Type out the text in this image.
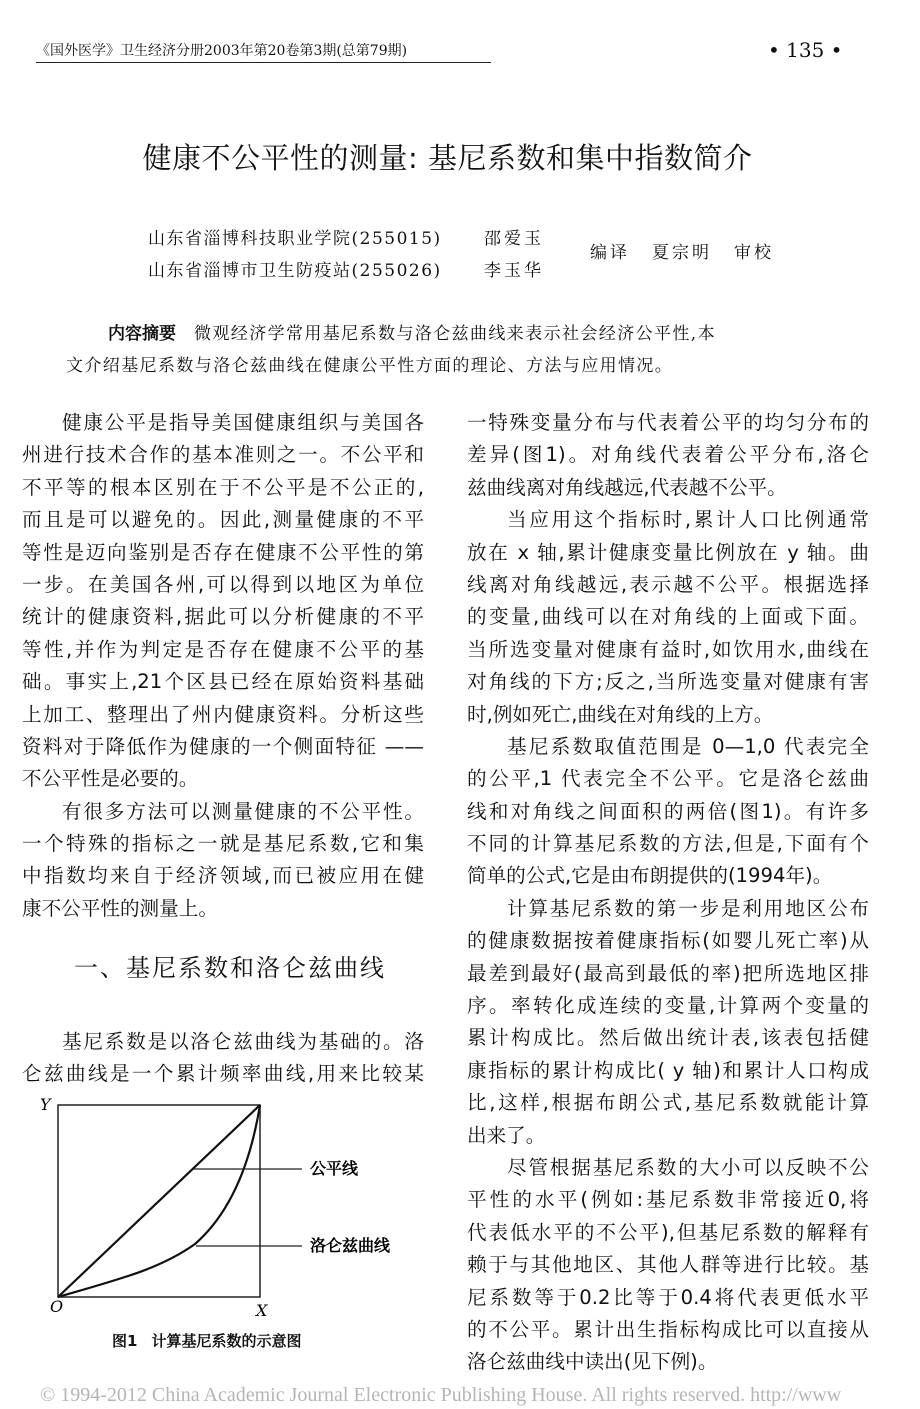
《国外医学》卫生经济分册2003年第20卷第3期(总第79期)	• 135 •
健康不公平性的测量: 基尼系数和集中指数简介
山东省淄博科技职业学院(255015) 邵爱玉
山东省淄博市卫生防疫站(255026) 李玉华
编译 夏宗明 审校
内容摘要 微观经济学常用基尼系数与洛仑兹曲线来表示社会经济公平性,本
文介绍基尼系数与洛仑兹曲线在健康公平性方面的理论、方法与应用情况。
健康公平是指导美国健康组织与美国各
州进行技术合作的基本准则之一。不公平和
不平等的根本区别在于不公平是不公正的,
而且是可以避免的。因此,测量健康的不平
等性是迈向鉴别是否存在健康不公平性的第
一步。在美国各州,可以得到以地区为单位
统计的健康资料,据此可以分析健康的不平
等性,并作为判定是否存在健康不公平的基
础。事实上,21个区县已经在原始资料基础
上加工、整理出了州内健康资料。分析这些
资料对于降低作为健康的一个侧面特征 ——
不公平性是必要的。
有很多方法可以测量健康的不公平性。
一个特殊的指标之一就是基尼系数,它和集
中指数均来自于经济领域,而已被应用在健
康不公平性的测量上。
一、基尼系数和洛仑兹曲线
基尼系数是以洛仑兹曲线为基础的。洛
仑兹曲线是一个累计频率曲线,用来比较某
Y
O	X
公平线
洛仑兹曲线
图1 计算基尼系数的示意图
一特殊变量分布与代表着公平的均匀分布的
差异(图1)。对角线代表着公平分布,洛仑
兹曲线离对角线越远,代表越不公平。
当应用这个指标时,累计人口比例通常
放在 x 轴,累计健康变量比例放在 y 轴。曲
线离对角线越远,表示越不公平。根据选择
的变量,曲线可以在对角线的上面或下面。
当所选变量对健康有益时,如饮用水,曲线在
对角线的下方;反之,当所选变量对健康有害
时,例如死亡,曲线在对角线的上方。
基尼系数取值范围是 0—1,0 代表完全
的公平,1 代表完全不公平。它是洛仑兹曲
线和对角线之间面积的两倍(图1)。有许多
不同的计算基尼系数的方法,但是,下面有个
简单的公式,它是由布朗提供的(1994年)。
计算基尼系数的第一步是利用地区公布
的健康数据按着健康指标(如婴儿死亡率)从
最差到最好(最高到最低的率)把所选地区排
序。率转化成连续的变量,计算两个变量的
累计构成比。然后做出统计表,该表包括健
康指标的累计构成比( y 轴)和累计人口构成
比,这样,根据布朗公式,基尼系数就能计算
出来了。
尽管根据基尼系数的大小可以反映不公
平性的水平(例如:基尼系数非常接近0,将
代表低水平的不公平),但基尼系数的解释有
赖于与其他地区、其他人群等进行比较。基
尼系数等于0.2比等于0.4将代表更低水平
的不公平。累计出生指标构成比可以直接从
洛仑兹曲线中读出(见下例)。
© 1994-2012 China Academic Journal Electronic Publishing House. All rights reserved. http://www
